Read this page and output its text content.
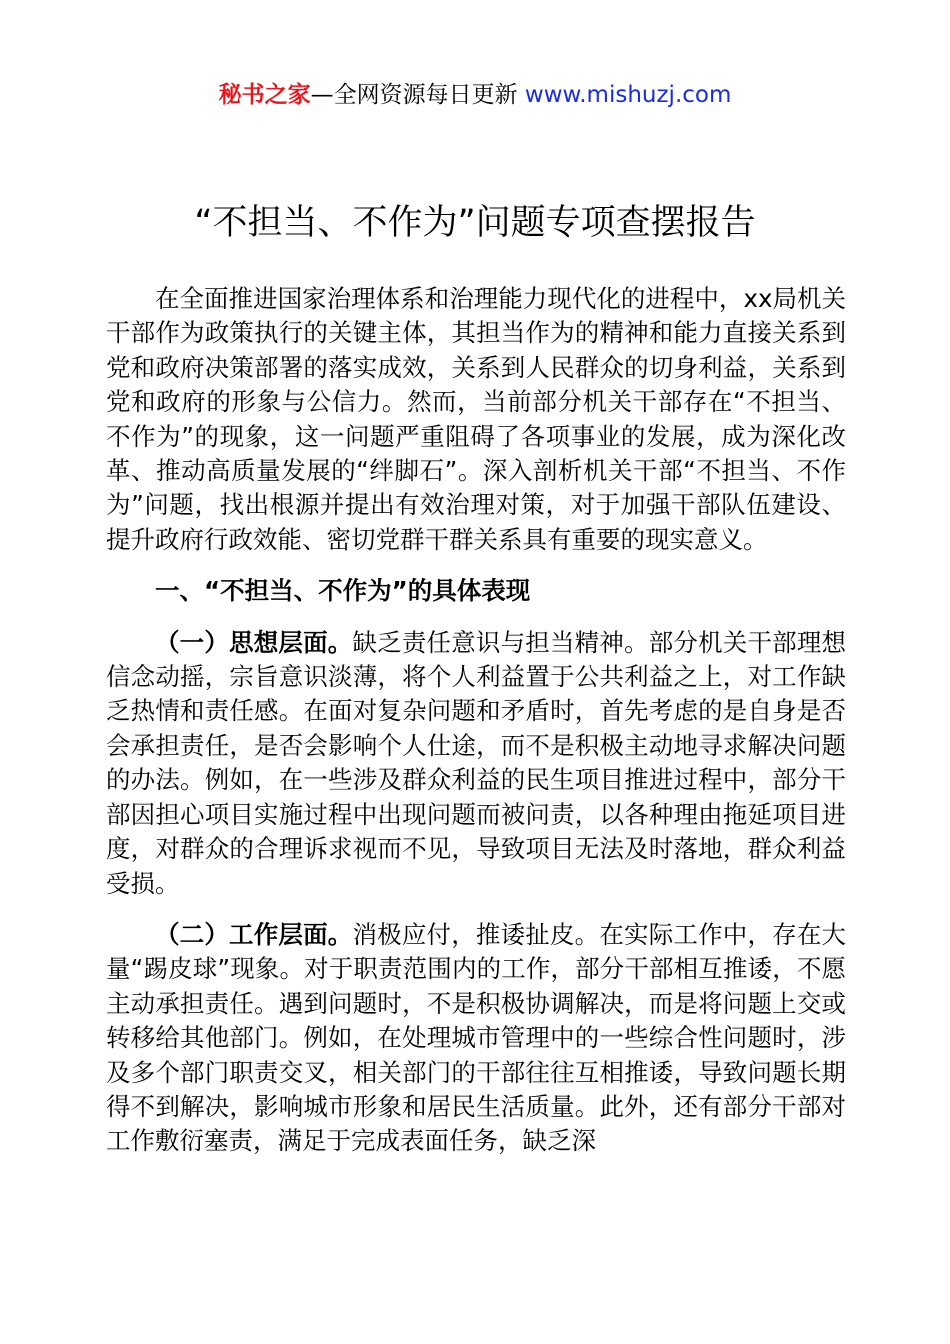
秘书之家—全网资源每日更新 www.mishuzj.com
“不担当、不作为”问题专项查摆报告

在全面推进国家治理体系和治理能力现代化的进程中，xx局机关干部作为政策执行的关键主体，其担当作为的精神和能力直接关系到党和政府决策部署的落实成效，关系到人民群众的切身利益，关系到党和政府的形象与公信力。然而，当前部分机关干部存在“不担当、不作为”的现象，这一问题严重阻碍了各项事业的发展，成为深化改革、推动高质量发展的“绊脚石”。深入剖析机关干部“不担当、不作为”问题，找出根源并提出有效治理对策，对于加强干部队伍建设、提升政府行政效能、密切党群干群关系具有重要的现实意义。

一、“不担当、不作为”的具体表现

（一）思想层面。缺乏责任意识与担当精神。部分机关干部理想信念动摇，宗旨意识淡薄，将个人利益置于公共利益之上，对工作缺乏热情和责任感。在面对复杂问题和矛盾时，首先考虑的是自身是否会承担责任，是否会影响个人仕途，而不是积极主动地寻求解决问题的办法。例如，在一些涉及群众利益的民生项目推进过程中，部分干部因担心项目实施过程中出现问题而被问责，以各种理由拖延项目进度，对群众的合理诉求视而不见，导致项目无法及时落地，群众利益受损。

（二）工作层面。消极应付，推诿扯皮。在实际工作中，存在大量“踢皮球”现象。对于职责范围内的工作，部分干部相互推诿，不愿主动承担责任。遇到问题时，不是积极协调解决，而是将问题上交或转移给其他部门。例如，在处理城市管理中的一些综合性问题时，涉及多个部门职责交叉，相关部门的干部往往互相推诿，导致问题长期得不到解决，影响城市形象和居民生活质量。此外，还有部分干部对工作敷衍塞责，满足于完成表面任务，缺乏深
